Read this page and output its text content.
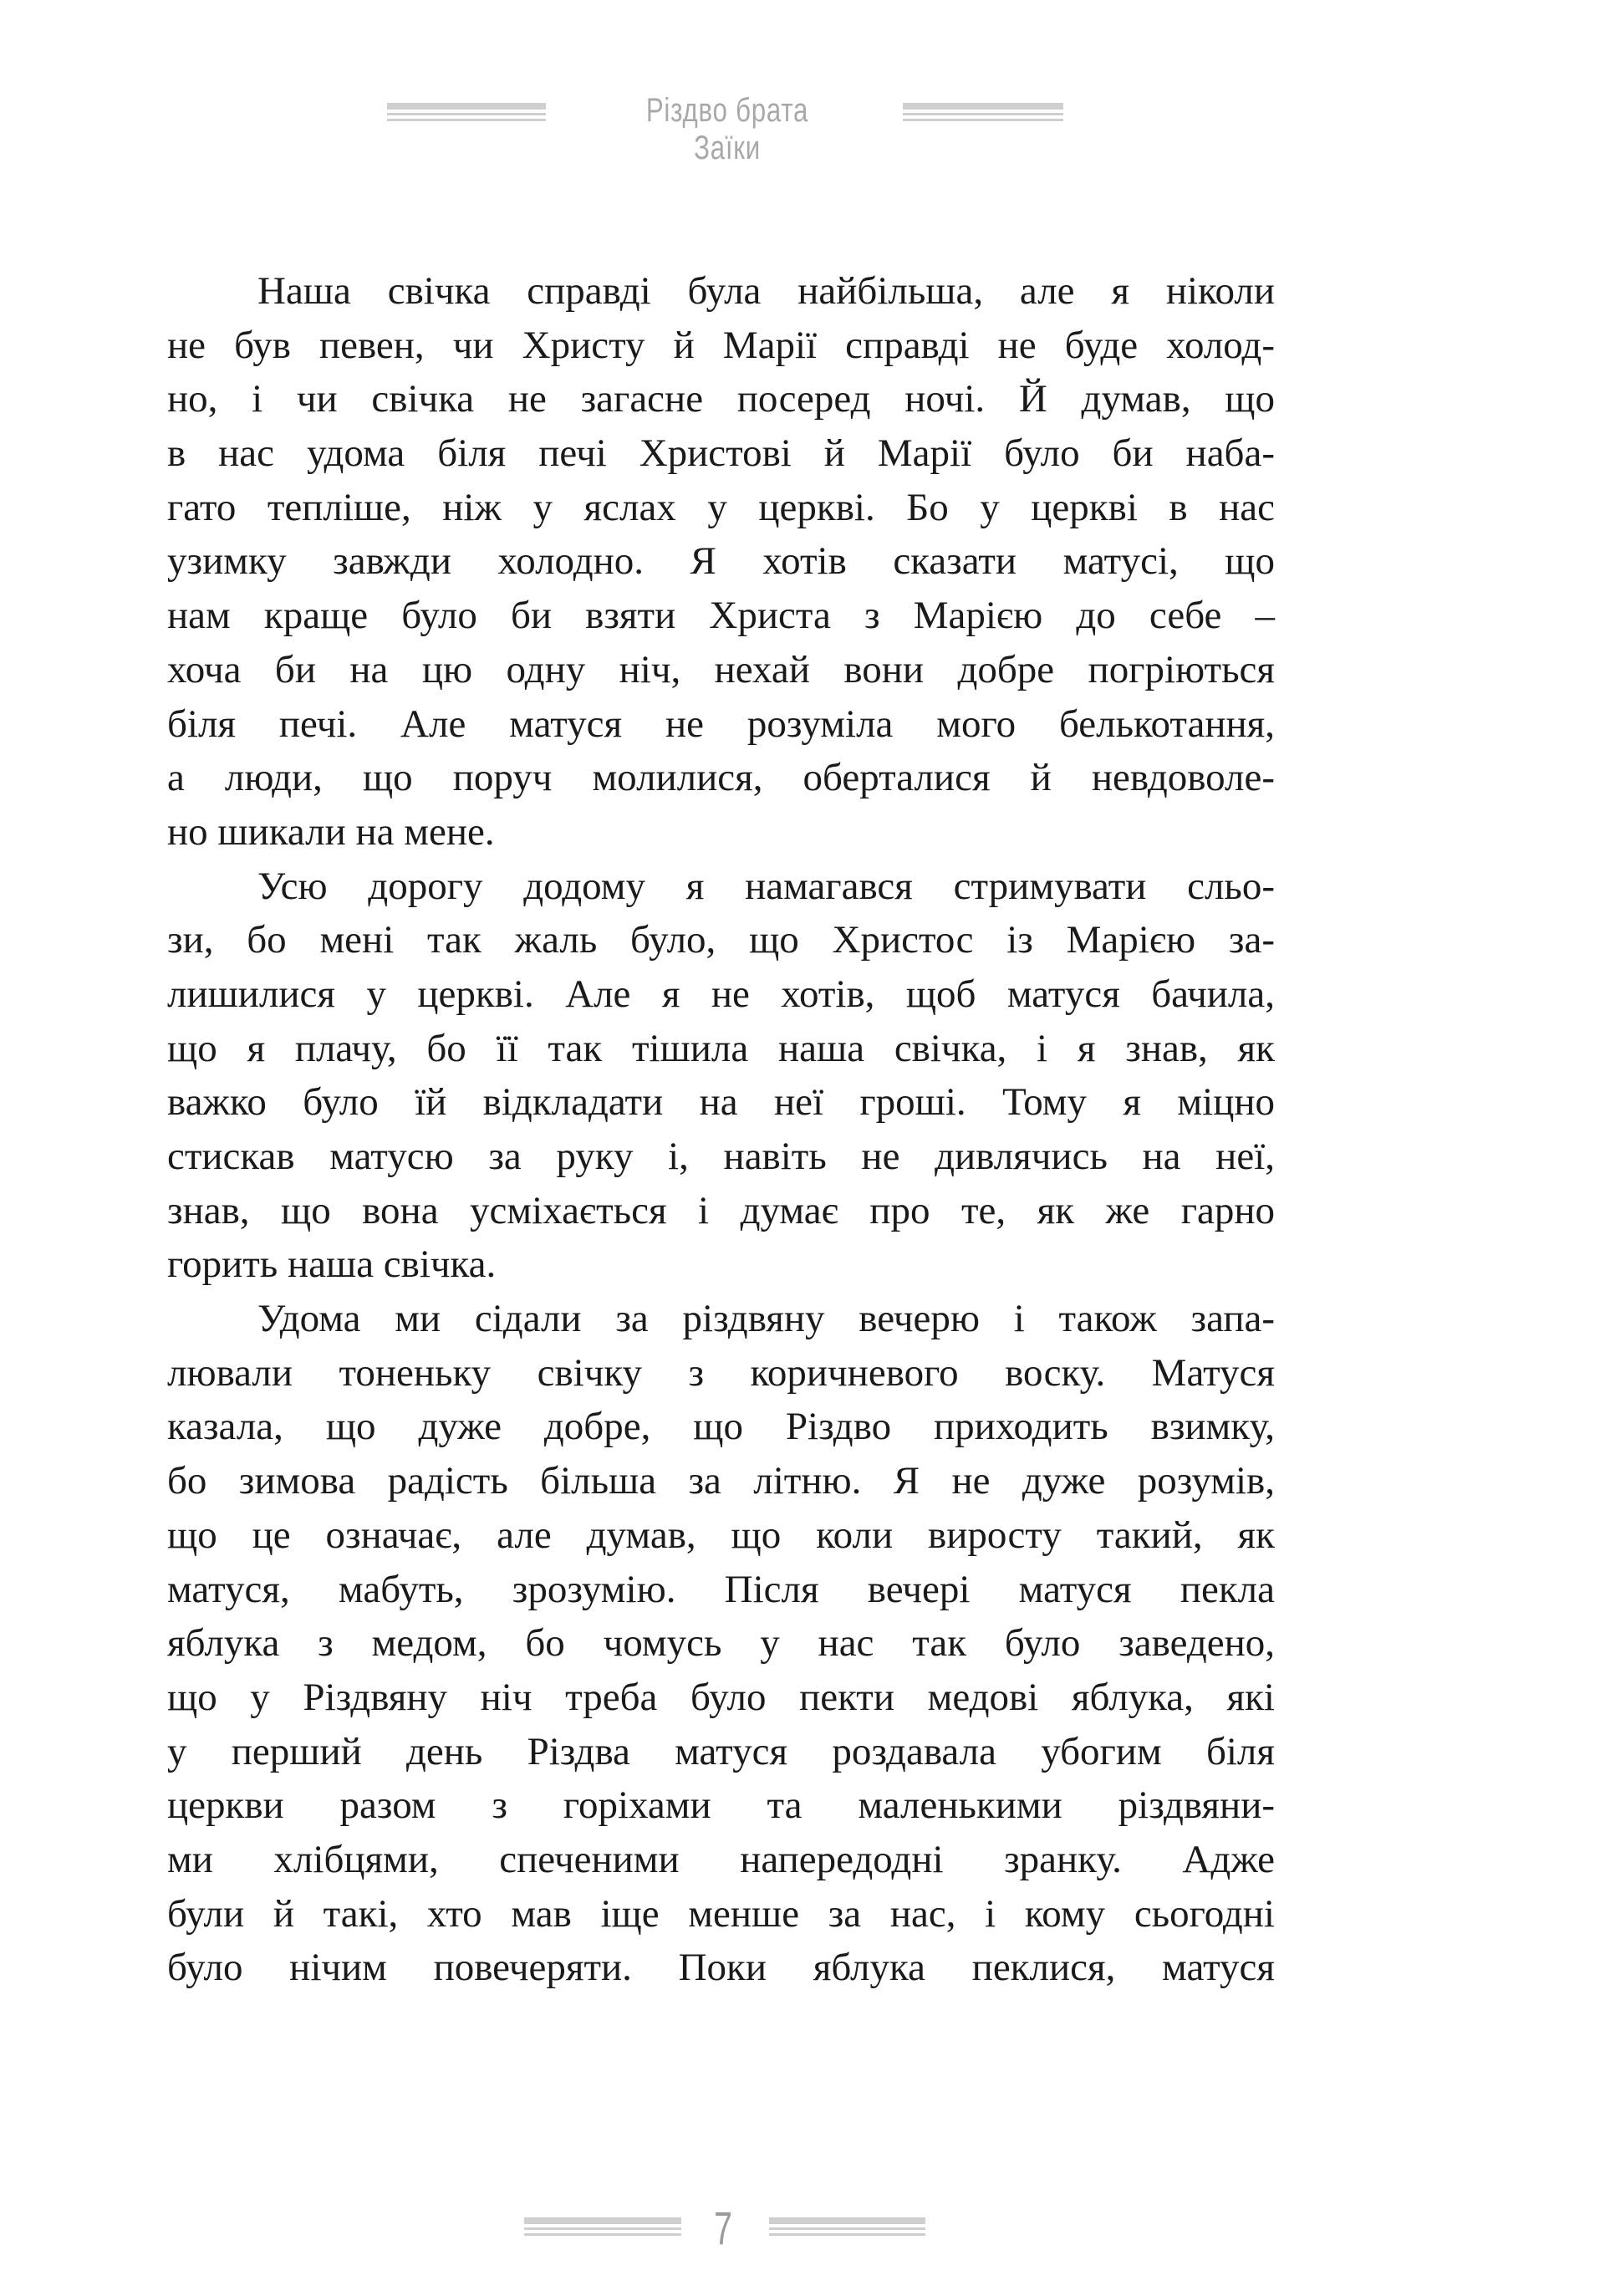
Різдво брата Заїки
Наша свічка справді була найбільша, але я ніколи
не був певен, чи Христу й Марії справді не буде холод-
но, і чи свічка не загасне посеред ночі. Й думав, що
в нас удома біля печі Христові й Марії було би наба-
гато тепліше, ніж у яслах у церкві. Бо у церкві в нас
узимку завжди холодно. Я хотів сказати матусі, що
нам краще було би взяти Христа з Марією до себе –
хоча би на цю одну ніч, нехай вони добре погріються
біля печі. Але матуся не розуміла мого белькотання,
а люди, що поруч молилися, оберталися й невдоволе-
но шикали на мене.
Усю дорогу додому я намагався стримувати сльо-
зи, бо мені так жаль було, що Христос із Марією за-
лишилися у церкві. Але я не хотів, щоб матуся бачила,
що я плачу, бо її так тішила наша свічка, і я знав, як
важко було їй відкладати на неї гроші. Тому я міцно
стискав матусю за руку і, навіть не дивлячись на неї,
знав, що вона усміхається і думає про те, як же гарно
горить наша свічка.
Удома ми сідали за різдвяну вечерю і також запа-
лювали тоненьку свічку з коричневого воску. Матуся
казала, що дуже добре, що Різдво приходить взимку,
бо зимова радість більша за літню. Я не дуже розумів,
що це означає, але думав, що коли виросту такий, як
матуся, мабуть, зрозумію. Після вечері матуся пекла
яблука з медом, бо чомусь у нас так було заведено,
що у Різдвяну ніч треба було пекти медові яблука, які
у перший день Різдва матуся роздавала убогим біля
церкви разом з горіхами та маленькими різдвяни-
ми хлібцями, спеченими напередодні зранку. Адже
були й такі, хто мав іще менше за нас, і кому сьогодні
було нічим повечеряти. Поки яблука пеклися, матуся
7
